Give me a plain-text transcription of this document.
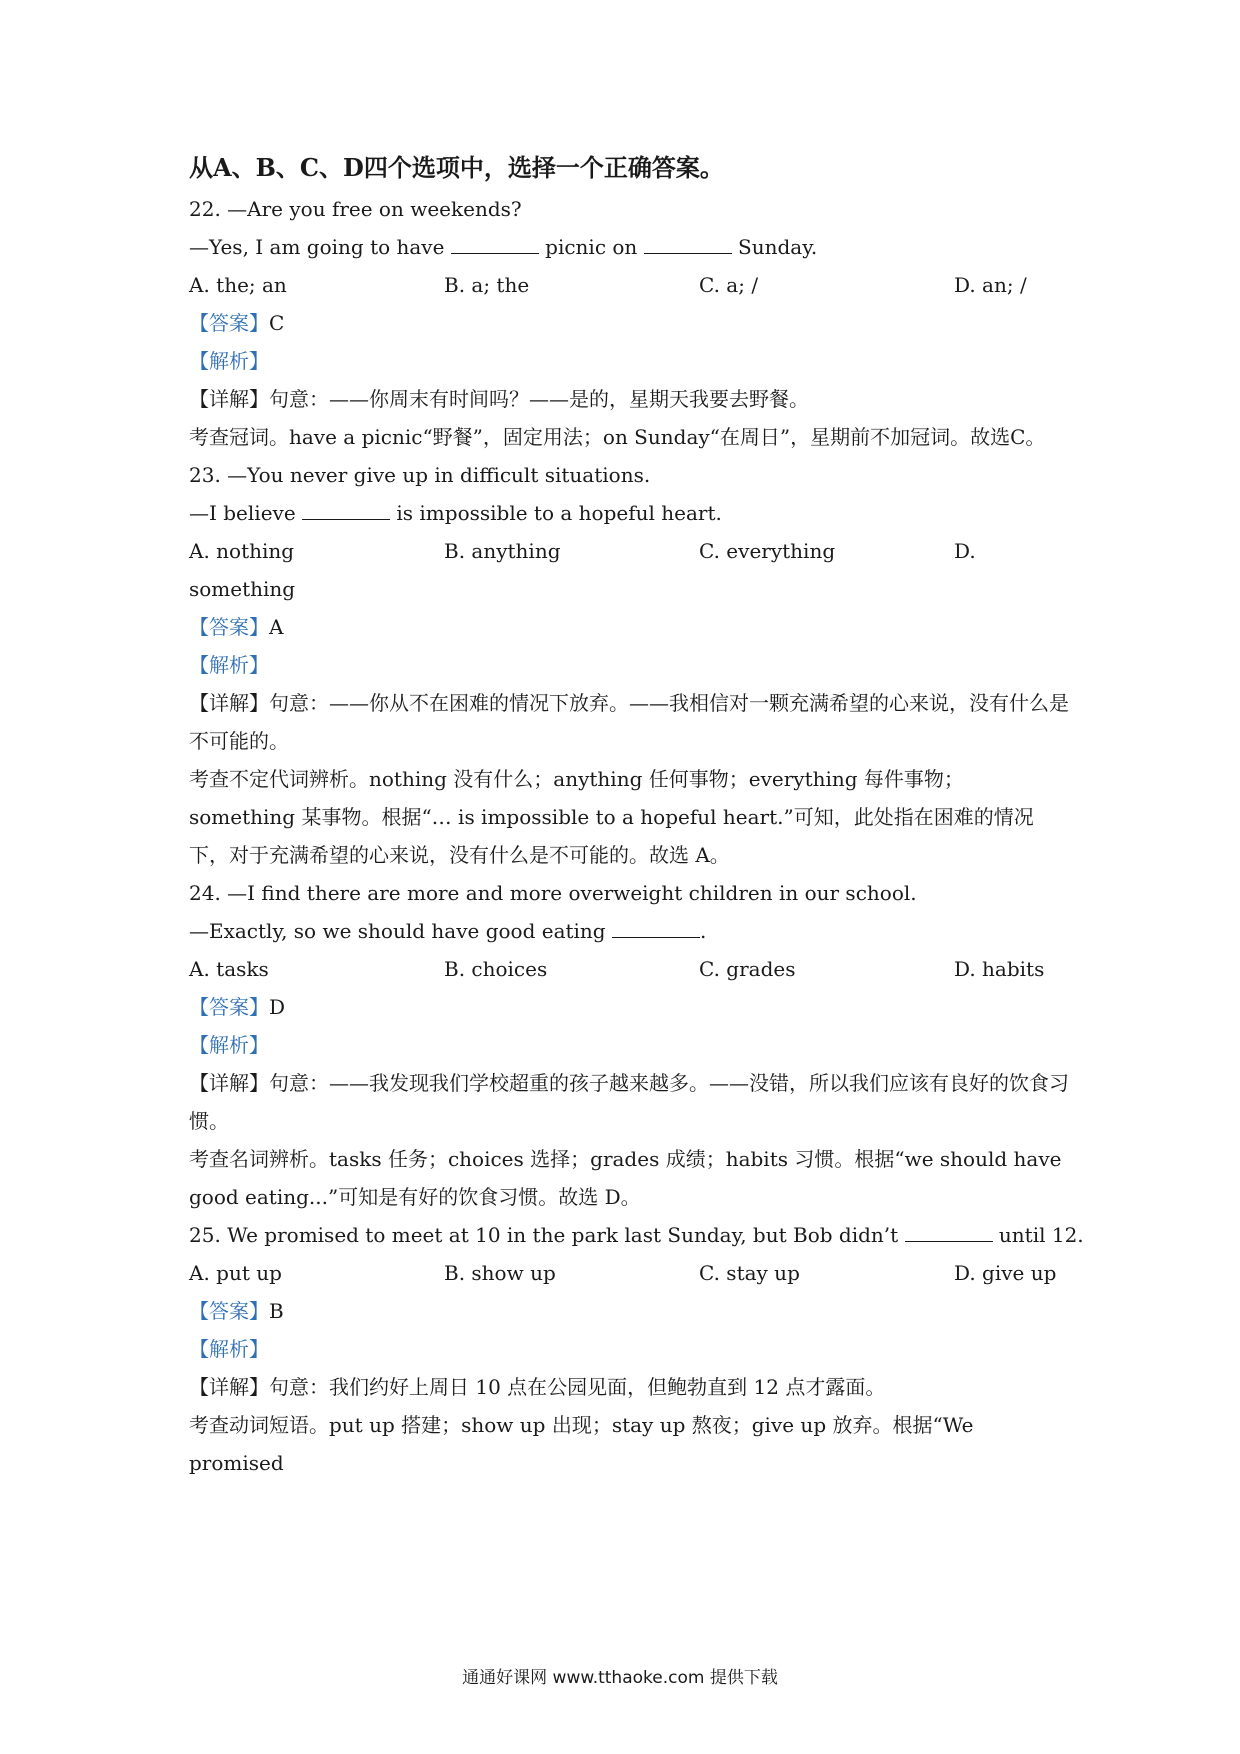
从A、B、C、D四个选项中，选择一个正确答案。
22. —Are you free on weekends?
—Yes, I am going to have	picnic on	Sunday.
A. the; an	B. a; the	C. a; /	D. an; /
【答案】C
【解析】
【详解】句意：——你周末有时间吗？——是的，星期天我要去野餐。
考查冠词。have a picnic“野餐”，固定用法；on Sunday“在周日”，星期前不加冠词。故选C。
23. —You never give up in difficult situations.
—I believe	is impossible to a hopeful heart.
A. nothing	B. anything	C. everything	D.
something
【答案】A
【解析】
【详解】句意：——你从不在困难的情况下放弃。——我相信对一颗充满希望的心来说，没有什么是不可能的。
考查不定代词辨析。nothing 没有什么；anything 任何事物；everything 每件事物；something 某事物。根据“… is impossible to a hopeful heart.”可知，此处指在困难的情况下，对于充满希望的心来说，没有什么是不可能的。故选 A。
24. —I find there are more and more overweight children in our school.
—Exactly, so we should have good eating	.
A. tasks	B. choices	C. grades	D. habits
【答案】D
【解析】
【详解】句意：——我发现我们学校超重的孩子越来越多。——没错，所以我们应该有良好的饮食习惯。
考查名词辨析。tasks 任务；choices 选择；grades 成绩；habits 习惯。根据“we should have good eating...”可知是有好的饮食习惯。故选 D。
25. We promised to meet at 10 in the park last Sunday, but Bob didn’t	until 12.
A. put up	B. show up	C. stay up	D. give up
【答案】B
【解析】
【详解】句意：我们约好上周日 10 点在公园见面，但鲍勃直到 12 点才露面。
考查动词短语。put up 搭建；show up 出现；stay up 熬夜；give up 放弃。根据“We promised
通通好课网 www.tthaoke.com 提供下载
